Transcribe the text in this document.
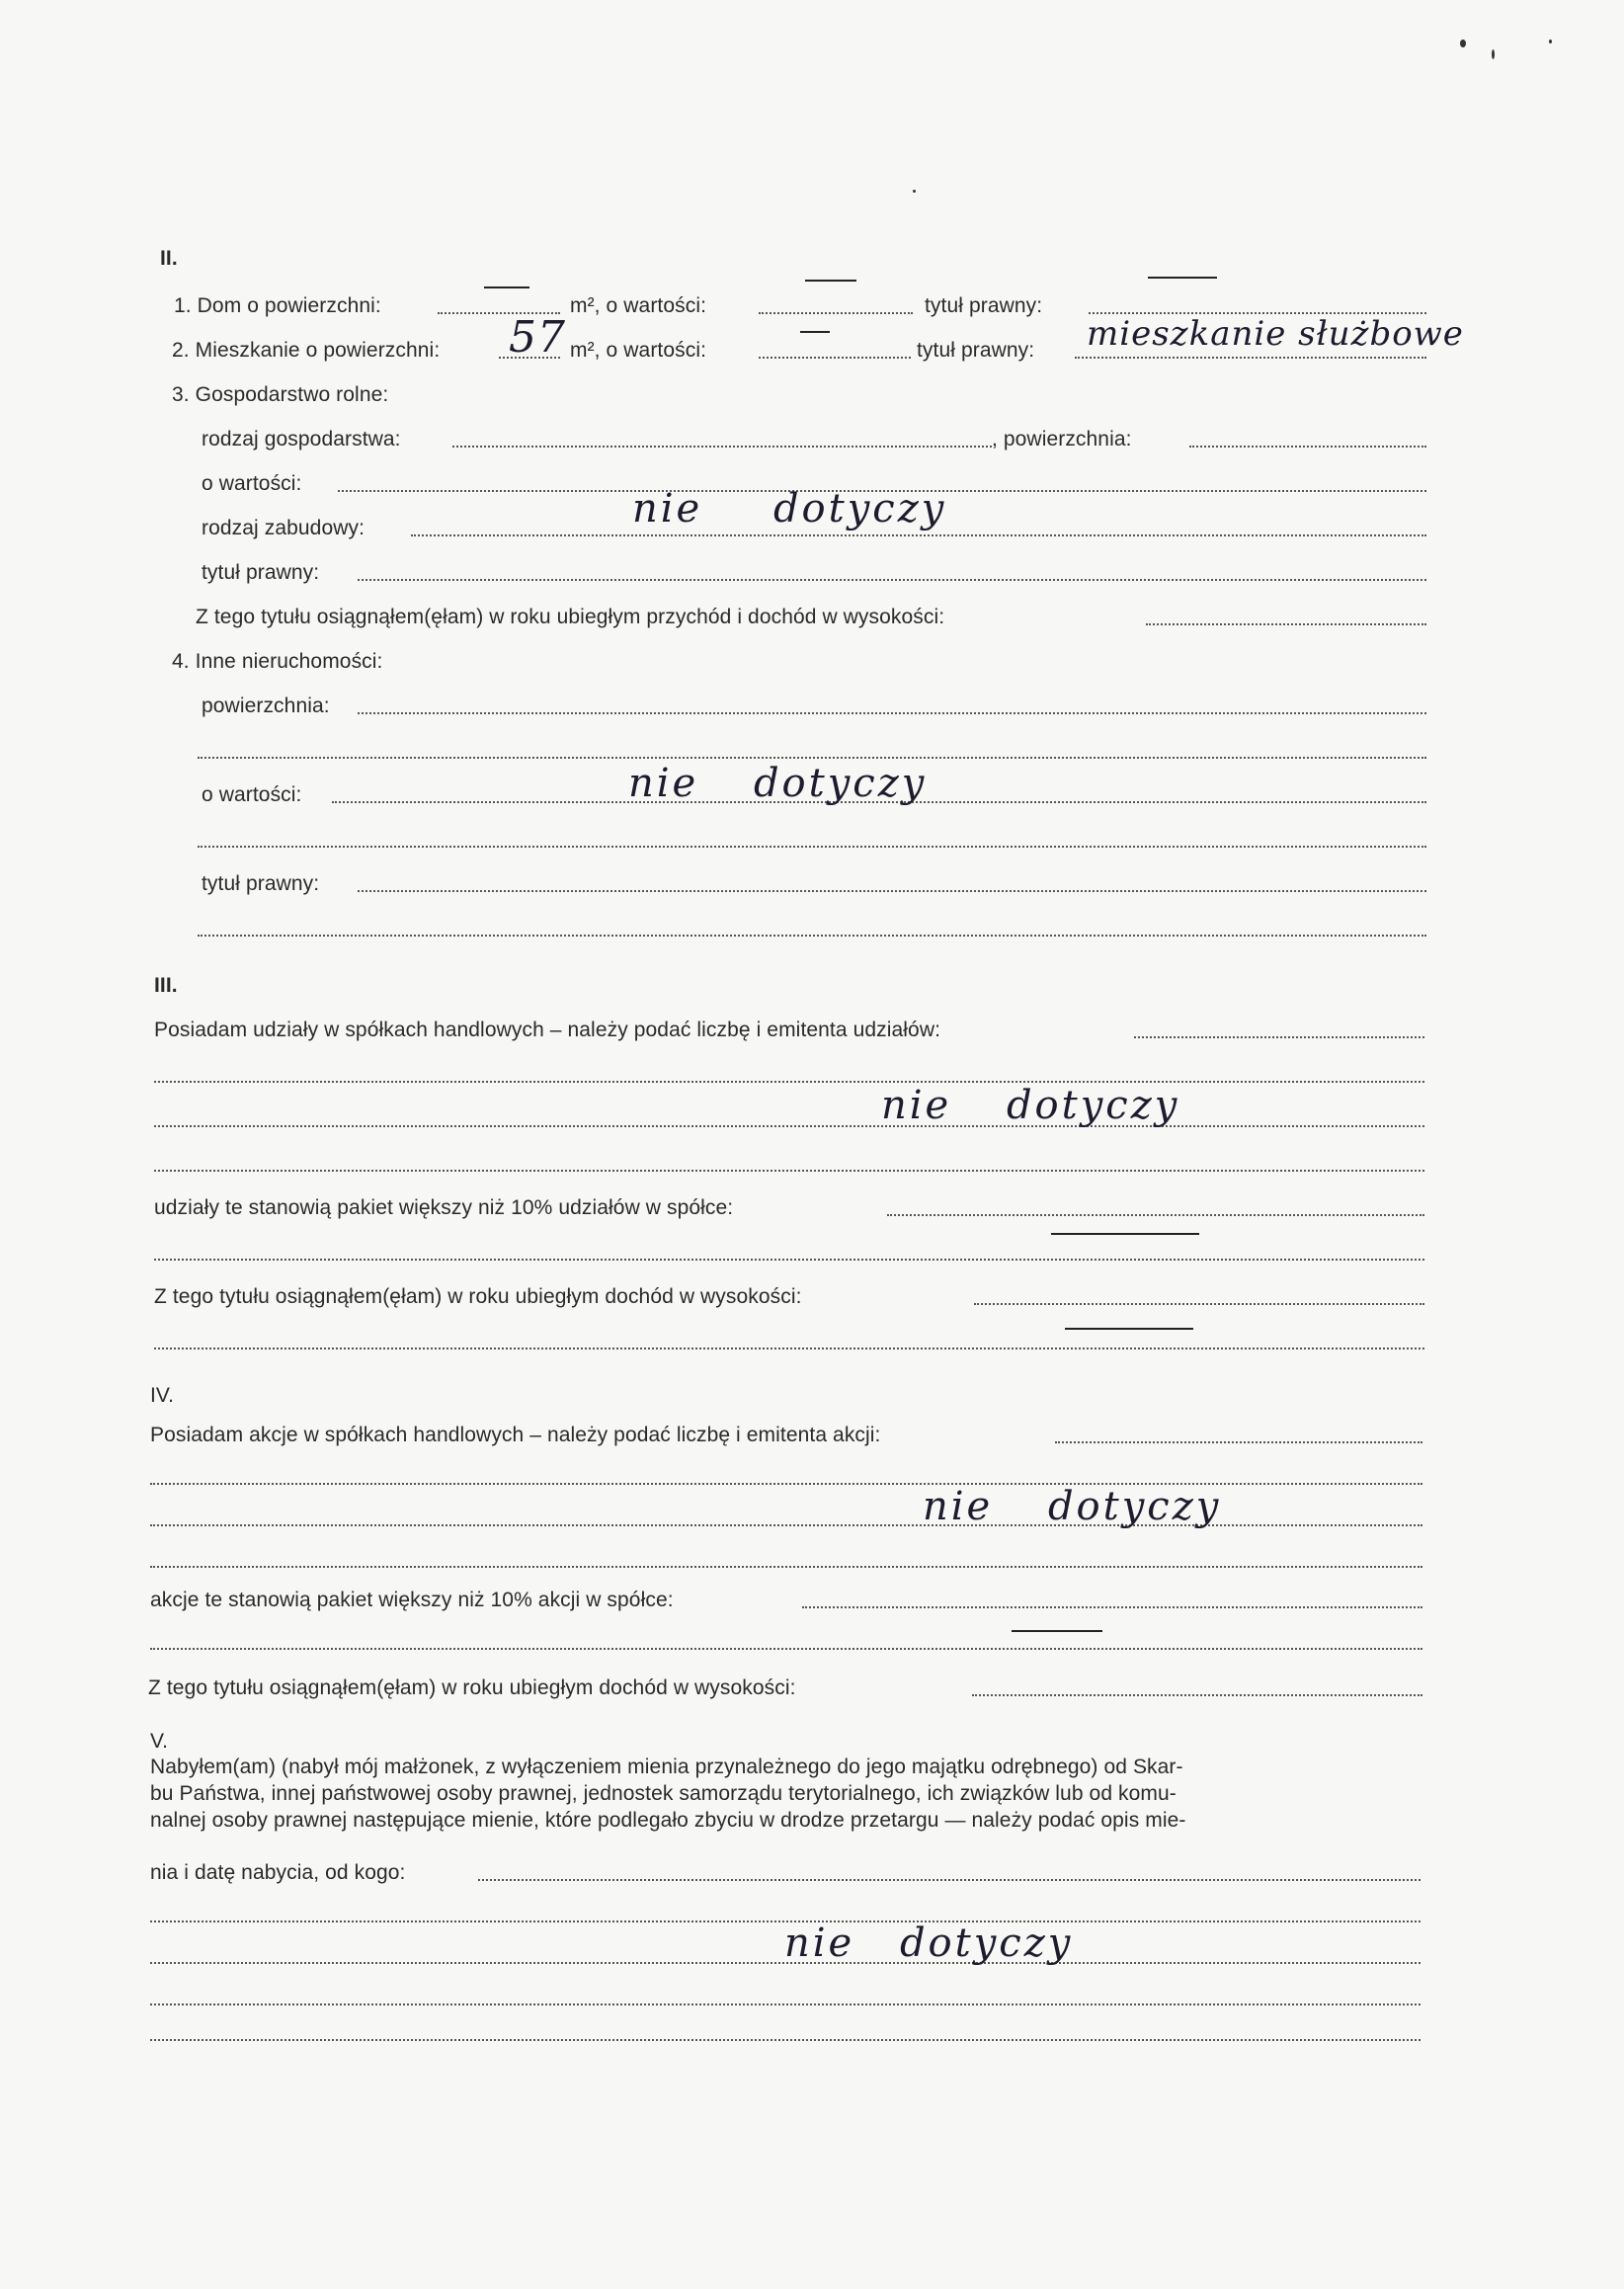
II.
1. Dom o powierzchni:	m², o wartości:	tytuł prawny:
2. Mieszkanie o powierzchni: 57 m², o wartości:	tytuł prawny: mieszkanie służbowe
3. Gospodarstwo rolne:
rodzaj gospodarstwa:	, powierzchnia:
o wartości:
rodzaj zabudowy:	nie dotyczy
tytuł prawny:
Z tego tytułu osiągnąłem(ęłam) w roku ubiegłym przychód i dochód w wysokości:
4. Inne nieruchomości:
powierzchnia:
o wartości:	nie dotyczy
tytuł prawny:
III.
Posiadam udziały w spółkach handlowych – należy podać liczbę i emitenta udziałów:
nie dotyczy
udziały te stanowią pakiet większy niż 10% udziałów w spółce:
Z tego tytułu osiągnąłem(ęłam) w roku ubiegłym dochód w wysokości:
IV.
Posiadam akcje w spółkach handlowych – należy podać liczbę i emitenta akcji:
nie dotyczy
akcje te stanowią pakiet większy niż 10% akcji w spółce:
Z tego tytułu osiągnąłem(ęłam) w roku ubiegłym dochód w wysokości:
V.
Nabyłem(am) (nabył mój małżonek, z wyłączeniem mienia przynależnego do jego majątku odrębnego) od Skar-
bu Państwa, innej państwowej osoby prawnej, jednostek samorządu terytorialnego, ich związków lub od komu-
nalnej osoby prawnej następujące mienie, które podlegało zbyciu w drodze przetargu — należy podać opis mie-
nia i datę nabycia, od kogo:
nie dotyczy
